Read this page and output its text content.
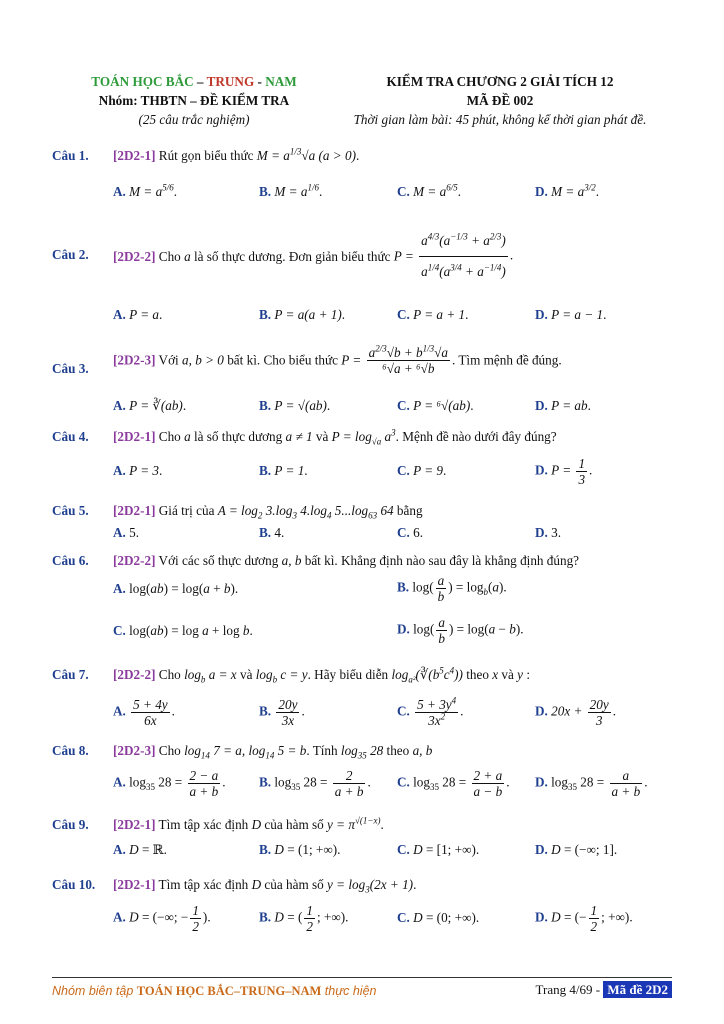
TOÁN HỌC BẮC – TRUNG - NAM
Nhóm: THBTN – ĐỀ KIỂM TRA
(25 câu trắc nghiệm)
KIỂM TRA CHƯƠNG 2 GIẢI TÍCH 12
MÃ ĐỀ 002
Thời gian làm bài: 45 phút, không kể thời gian phát đề.
Câu 1. [2D2-1] Rút gọn biểu thức $M = a^{1/3}√a$ (a > 0).
A. $M = a^{5/6}$.	B. $M = a^{1/6}$.	C. $M = a^{6/5}$.	D. $M = a^{3/2}$.
Câu 2. [2D2-2] Cho a là số thực dương. Đơn giản biểu thức $P = \frac{a^{4/3}(a^{-1/3} + a^{2/3})}{a^{1/4}(a^{3/4} + a^{-1/4})}$ .
A. P = a.	B. P = a(a + 1).	C. P = a + 1.	D. P = a − 1.
Câu 3.
[2D2-3] Với a, b > 0 bất kì. Cho biểu thức $P = \frac{a^{2/3}√b + b^{1/3}√a}{\text{⁶√a + ⁶√b}}$ . Tìm mệnh đề đúng.
A. P = ∛(ab).	B. P = √(ab).	C. P = ⁶√(ab).	D. P = ab.
Câu 4. [2D2-1] Cho a là số thực dương a ≠ 1 và $P = \log_{√a} a^3$. Mệnh đề nào dưới đây đúng?
A. P = 3.	B. P = 1.	C. P = 9.	D. $P = \frac{1}{3}$ .
Câu 5. [2D2-1] Giá trị của $A = \log_2 3.\log_3$ $4.\log_4$ $5...\log_{63}$ 64 bằng
A. 5.	B. 4.	C. 6.	D. 3.
Câu 6. [2D2-2] Với các số thực dương a, b bất kì. Khẳng định nào sau đây là khẳng định đúng?
A. log(ab) = log(a + b).	B. $\log( \frac{a}{b}$ ) = $\log_b(a)$.
C. log(ab) = log a + log b.	D. $\log( \frac{a}{b}$ ) = log(a − b).
Câu 7. [2D2-2] Cho $\log_b a = x$ và $\log_b c = y$. Hãy biểu diễn $\log_{a^2}(∛(b^5c^4))$ theo x và y :
A. $\frac{5 + 4y}{6x}$ .	B. $\frac{20y}{3x}$ .	C. $\frac{5 + 3y^4}{3x^2}$ .	D. $20x + \frac{20y}{3}$ .
Câu 8. [2D2-3] Cho $\log_{14} 7 = a$, $\log_{14} 5 = b$. Tính $\log_{35} 28$ theo a, b
A. $\log_{35} 28 = \frac{2 - a}{a + b}$ .	B. $\log_{35} 28 = \frac{2}{a + b}$ . C. $\log_{35} 28 = \frac{2 + a}{a - b}$ . D. $\log_{35} 28 = \frac{a}{a + b}$ .
Câu 9. [2D2-1] Tìm tập xác định D của hàm số $y = \pi^{√(1-x)}$.
A. D = ℝ.	B. D = (1; +∞).	C. D = [1; +∞).	D. D = (−∞; 1].
Câu 10. [2D2-1] Tìm tập xác định D của hàm số $y = \log_3(2x + 1)$.
A. D = (−∞; − $\frac{1}{2}$ ).	B. D = ( $\frac{1}{2}$ ; +∞).	C. D = (0; +∞).	D. D = (− $\frac{1}{2}$ ; +∞).
Nhóm biên tập TOÁN HỌC BẮC–TRUNG–NAM thực hiện	Trang 4/69 - Mã đề 2D2
